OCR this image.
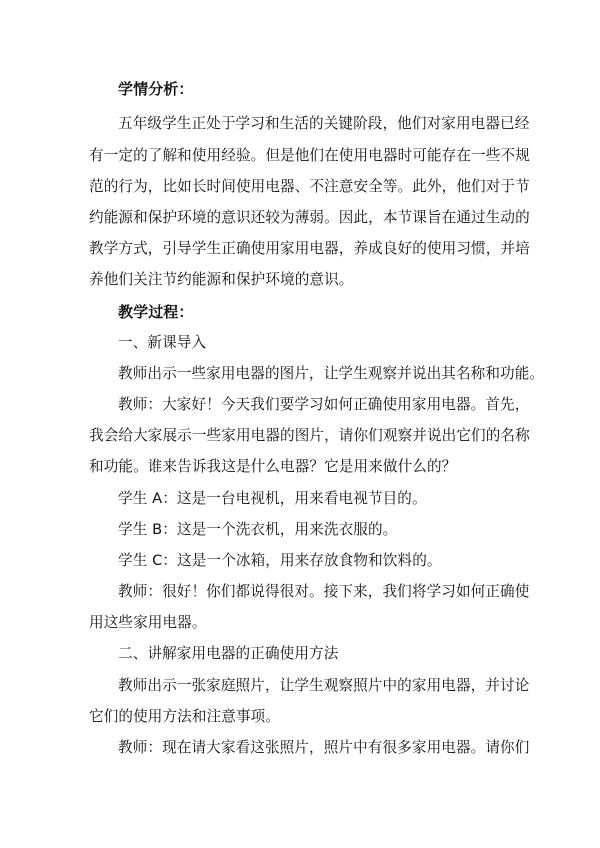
学情分析：
五年级学生正处于学习和生活的关键阶段，他们对家用电器已经
有一定的了解和使用经验。但是他们在使用电器时可能存在一些不规
范的行为，比如长时间使用电器、不注意安全等。此外，他们对于节
约能源和保护环境的意识还较为薄弱。因此，本节课旨在通过生动的
教学方式，引导学生正确使用家用电器，养成良好的使用习惯，并培
养他们关注节约能源和保护环境的意识。
教学过程：
一、新课导入
教师出示一些家用电器的图片，让学生观察并说出其名称和功能。
教师：大家好！今天我们要学习如何正确使用家用电器。首先，
我会给大家展示一些家用电器的图片，请你们观察并说出它们的名称
和功能。谁来告诉我这是什么电器？它是用来做什么的？
学生 A：这是一台电视机，用来看电视节目的。
学生 B：这是一个洗衣机，用来洗衣服的。
学生 C：这是一个冰箱，用来存放食物和饮料的。
教师：很好！你们都说得很对。接下来，我们将学习如何正确使
用这些家用电器。
二、讲解家用电器的正确使用方法
教师出示一张家庭照片，让学生观察照片中的家用电器，并讨论
它们的使用方法和注意事项。
教师：现在请大家看这张照片，照片中有很多家用电器。请你们
